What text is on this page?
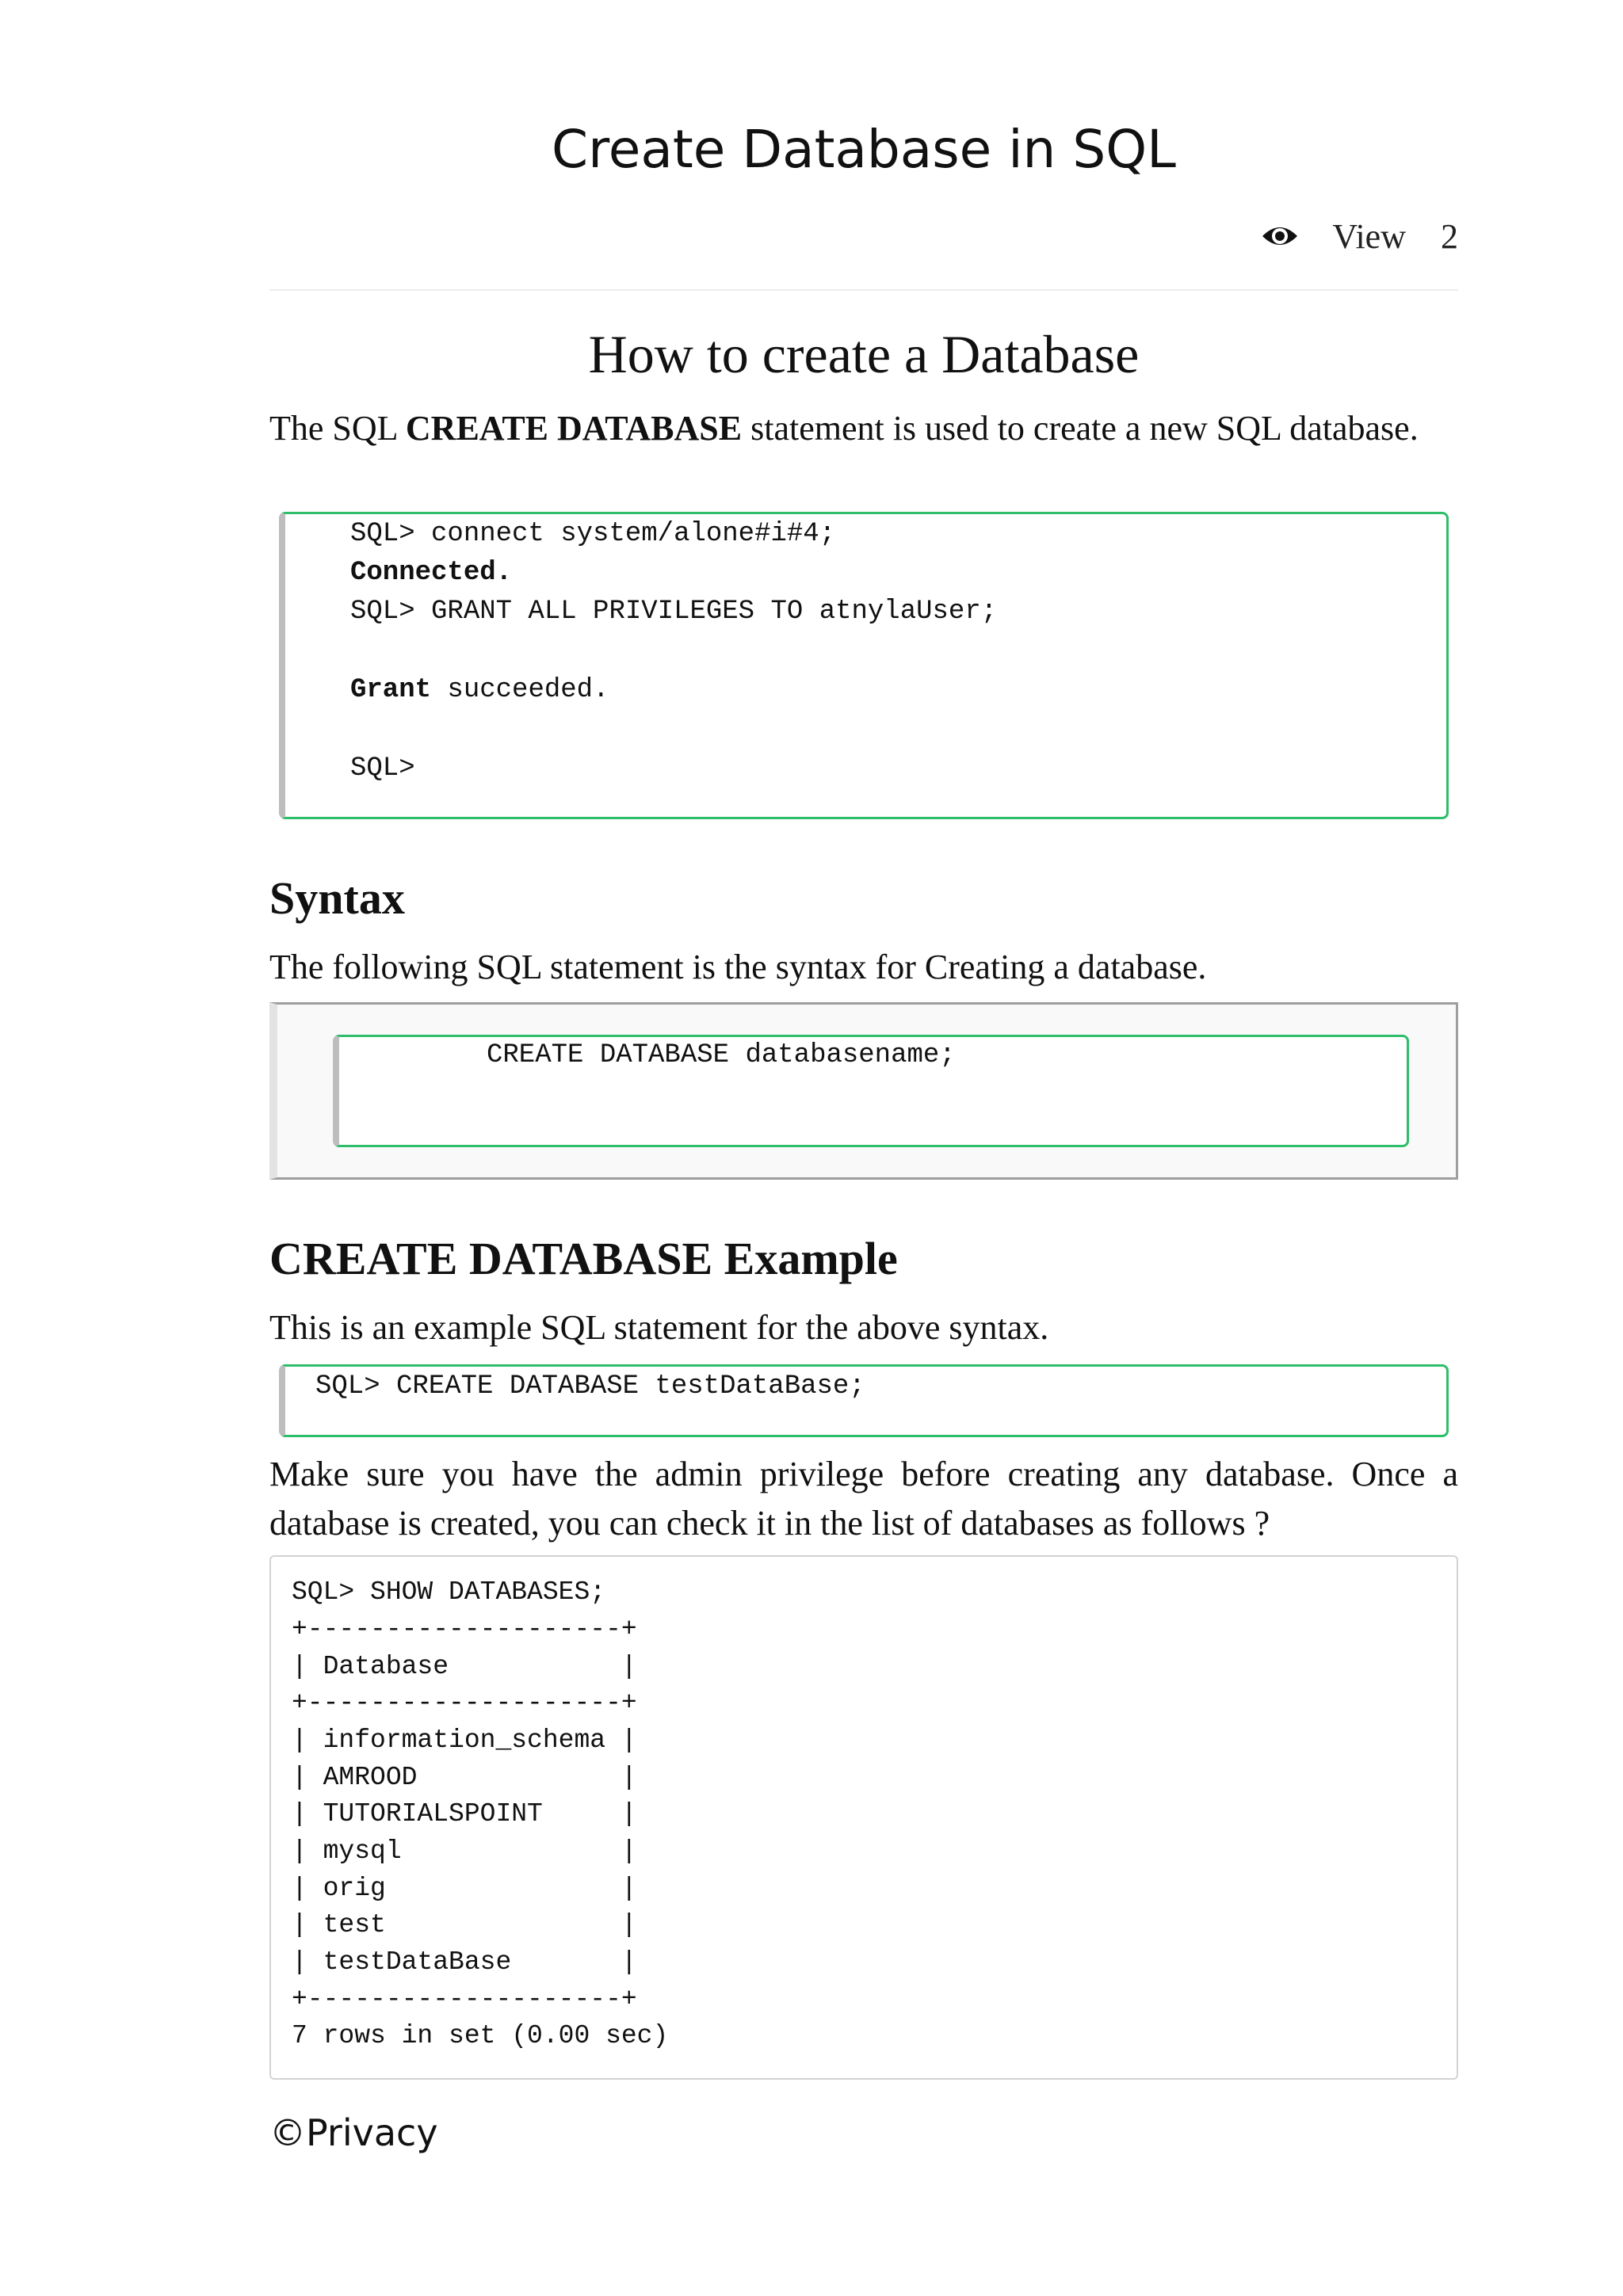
Create Database in SQL
View 2
How to create a Database

The SQL CREATE DATABASE statement is used to create a new SQL database.

SQL> connect system/alone#i#4;
Connected.
SQL> GRANT ALL PRIVILEGES TO atnylaUser;
Grant succeeded.
SQL>
Syntax

The following SQL statement is the syntax for Creating a database.

CREATE DATABASE databasename;
CREATE DATABASE Example

This is an example SQL statement for the above syntax.

SQL> CREATE DATABASE testDataBase;

Make sure you have the admin privilege before creating any database. Once a database is created, you can check it in the list of databases as follows ?

SQL> SHOW DATABASES;
+--------------------+
| Database           |
+--------------------+
| information_schema |
| AMROOD             |
| TUTORIALSPOINT     |
| mysql              |
| orig               |
| test               |
| testDataBase       |
+--------------------+
7 rows in set (0.00 sec)
©Privacy
